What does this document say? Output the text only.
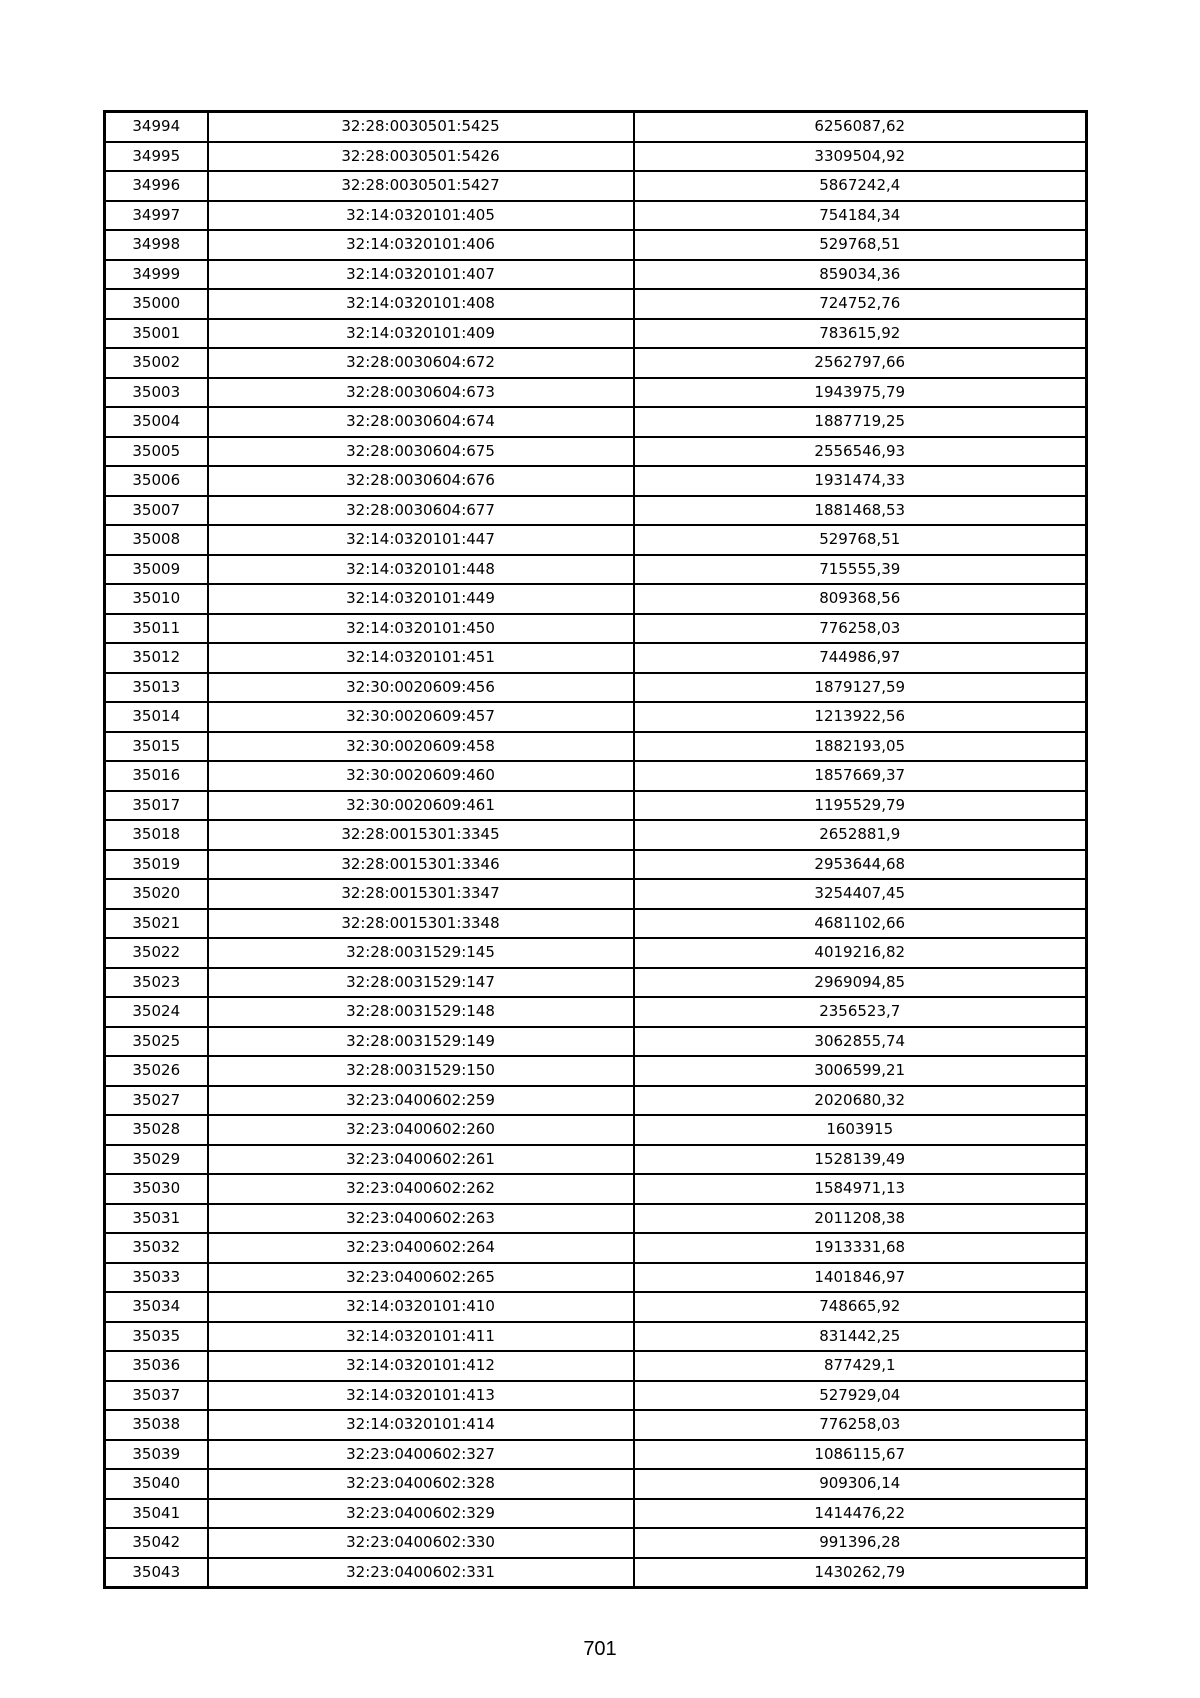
34994	32:28:0030501:5425	6256087,62
34995	32:28:0030501:5426	3309504,92
34996	32:28:0030501:5427	5867242,4
34997	32:14:0320101:405	754184,34
34998	32:14:0320101:406	529768,51
34999	32:14:0320101:407	859034,36
35000	32:14:0320101:408	724752,76
35001	32:14:0320101:409	783615,92
35002	32:28:0030604:672	2562797,66
35003	32:28:0030604:673	1943975,79
35004	32:28:0030604:674	1887719,25
35005	32:28:0030604:675	2556546,93
35006	32:28:0030604:676	1931474,33
35007	32:28:0030604:677	1881468,53
35008	32:14:0320101:447	529768,51
35009	32:14:0320101:448	715555,39
35010	32:14:0320101:449	809368,56
35011	32:14:0320101:450	776258,03
35012	32:14:0320101:451	744986,97
35013	32:30:0020609:456	1879127,59
35014	32:30:0020609:457	1213922,56
35015	32:30:0020609:458	1882193,05
35016	32:30:0020609:460	1857669,37
35017	32:30:0020609:461	1195529,79
35018	32:28:0015301:3345	2652881,9
35019	32:28:0015301:3346	2953644,68
35020	32:28:0015301:3347	3254407,45
35021	32:28:0015301:3348	4681102,66
35022	32:28:0031529:145	4019216,82
35023	32:28:0031529:147	2969094,85
35024	32:28:0031529:148	2356523,7
35025	32:28:0031529:149	3062855,74
35026	32:28:0031529:150	3006599,21
35027	32:23:0400602:259	2020680,32
35028	32:23:0400602:260	1603915
35029	32:23:0400602:261	1528139,49
35030	32:23:0400602:262	1584971,13
35031	32:23:0400602:263	2011208,38
35032	32:23:0400602:264	1913331,68
35033	32:23:0400602:265	1401846,97
35034	32:14:0320101:410	748665,92
35035	32:14:0320101:411	831442,25
35036	32:14:0320101:412	877429,1
35037	32:14:0320101:413	527929,04
35038	32:14:0320101:414	776258,03
35039	32:23:0400602:327	1086115,67
35040	32:23:0400602:328	909306,14
35041	32:23:0400602:329	1414476,22
35042	32:23:0400602:330	991396,28
35043	32:23:0400602:331	1430262,79
701
